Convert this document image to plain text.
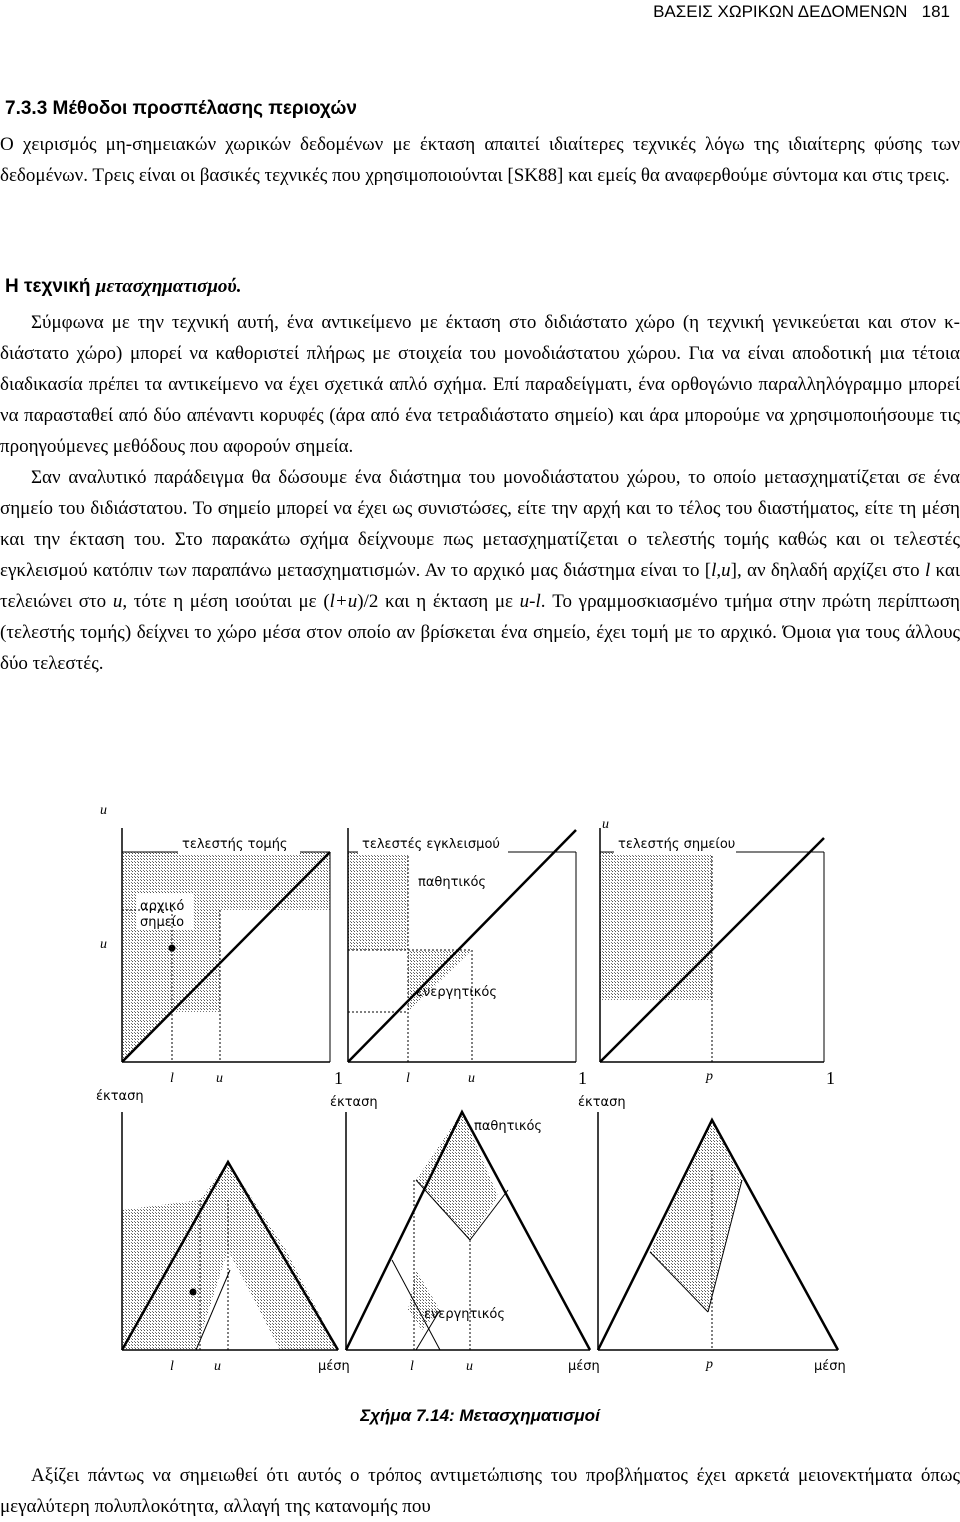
ΒΑΣΕΙΣ ΧΩΡΙΚΩΝ ΔΕΔΟΜΕΝΩΝ 181
7.3.3 Μέθοδοι προσπέλασης περιοχών

Ο χειρισμός μη-σημειακών χωρικών δεδομένων με έκταση απαιτεί ιδιαίτερες τεχνικές λόγω της ιδιαίτερης φύσης των δεδομένων. Τρεις είναι οι βασικές τεχνικές που χρησιμοποιούνται [SK88] και εμείς θα αναφερθούμε σύντομα και στις τρεις.

Η τεχνική μετασχηματισμού.

Σύμφωνα με την τεχνική αυτή, ένα αντικείμενο με έκταση στο διδιάστατο χώρο (η τεχνική γενικεύεται και στον κ-διάστατο χώρο) μπορεί να καθοριστεί πλήρως με στοιχεία του μονοδιάστατου χώρου. Για να είναι αποδοτική μια τέτοια διαδικασία πρέπει τα αντικείμενο να έχει σχετικά απλό σχήμα. Επί παραδείγματι, ένα ορθογώνιο παραλληλόγραμμο μπορεί να παρασταθεί από δύο απέναντι κορυφές (άρα από ένα τετραδιάστατο σημείο) και άρα μπορούμε να χρησιμοποιήσουμε τις προηγούμενες μεθόδους που αφορούν σημεία.

Σαν αναλυτικό παράδειγμα θα δώσουμε ένα διάστημα του μονοδιάστατου χώρου, το οποίο μετασχηματίζεται σε ένα σημείο του διδιάστατου. Το σημείο μπορεί να έχει ως συνιστώσες, είτε την αρχή και το τέλος του διαστήματος, είτε τη μέση και την έκταση του. Στο παρακάτω σχήμα δείχνουμε πως μετασχηματίζεται ο τελεστής τομής καθώς και οι τελεστές εγκλεισμού κατόπιν των παραπάνω μετασχηματισμών. Αν το αρχικό μας διάστημα είναι το [l,u], αν δηλαδή αρχίζει στο l και τελειώνει στο u, τότε η μέση ισούται με (l+u)/2 και η έκταση με u-l. Το γραμμοσκιασμένο τμήμα στην πρώτη περίπτωση (τελεστής τομής) δείχνει το χώρο μέσα στον οποίο αν βρίσκεται ένα σημείο, έχει τομή με το αρχικό. Όμοια για τους άλλους δύο τελεστές.

τελεστής τομής
αρχικό
σημείο
u
u
l	u	1
τελεστές εγκλεισμού
παθητικός
ενεργητικός
l	u	1
τελεστής σημείου
u
p	1
έκταση
l	u	μέση
έκταση
παθητικός
ενεργητικός
l	u	μέση
έκταση
p	μέση
Σχήμα 7.14: Μετασχηματισμοί

Αξίζει πάντως να σημειωθεί ότι αυτός ο τρόπος αντιμετώπισης του προβλήματος έχει αρκετά μειονεκτήματα όπως μεγαλύτερη πολυπλοκότητα, αλλαγή της κατανομής που
